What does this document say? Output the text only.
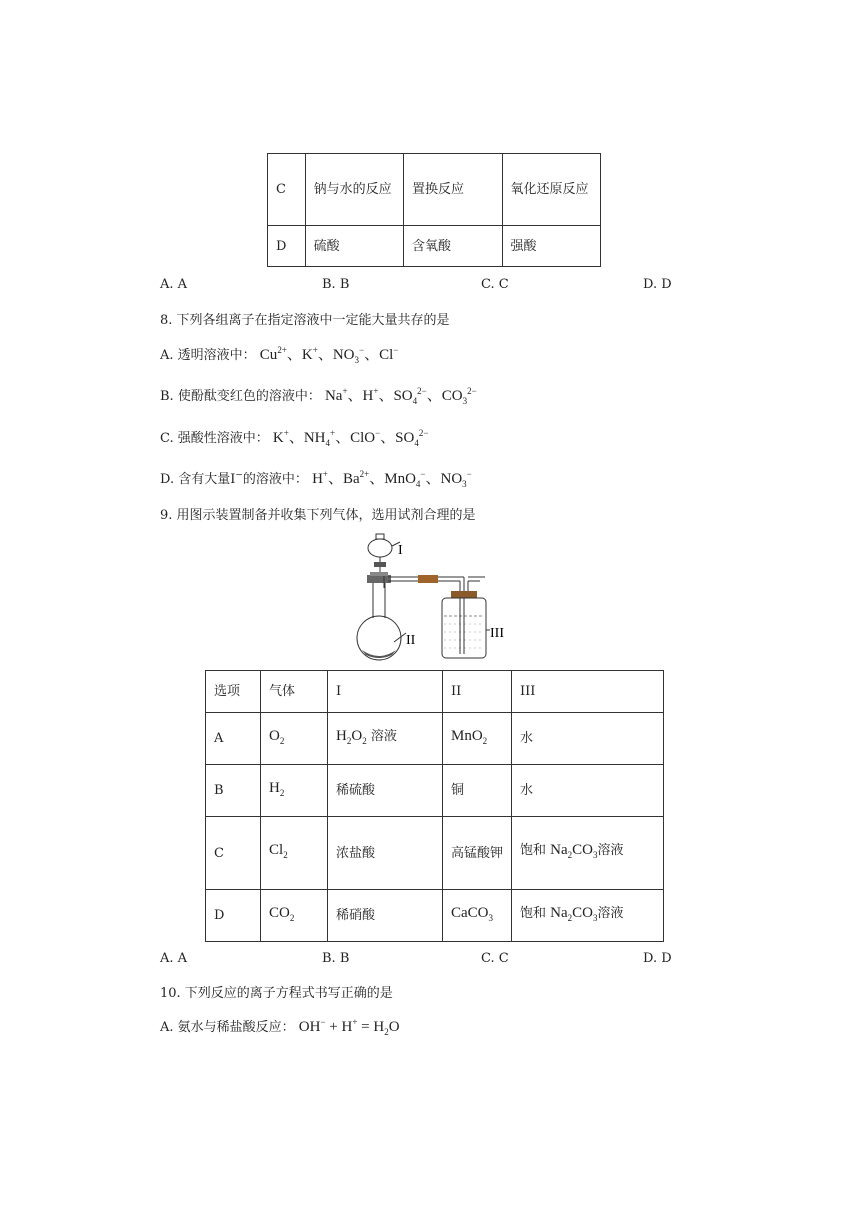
C	钠与水的反应	置换反应	氧化还原反应
D	硫酸	含氧酸	强酸
A. A	B. B	C. C	D. D
8. 下列各组离子在指定溶液中一定能大量共存的是
A. 透明溶液中： $Cu^{2+}$、K+、$NO_3^-$、Cl−
B. 使酚酞变红色的溶液中： Na+、H+、$SO_4^{2-}$、$CO_3^{2-}$
C. 强酸性溶液中： K+、$NH_4^+$、ClO−、$SO_4^{2-}$
D. 含有大量I−的溶液中： H+、$Ba^{2+}$、MnO$_4$−、$NO_3^-$
9. 用图示装置制备并收集下列气体，选用试剂合理的是
I
II	III
选项	气体	I	II	III
A	$O_2$	$H_2O_2$ 溶液	MnO$_2$	水
B	$H_2$	稀硫酸	铜	水
C	$Cl_2$	浓盐酸	高锰酸钾	饱和 $Na_2CO_3$溶液
D	$CO_2$	稀硝酸	CaCO$_3$	饱和 $Na_2CO_3$溶液
A. A	B. B	C. C	D. D
10. 下列反应的离子方程式书写正确的是
A. 氨水与稀盐酸反应： $OH^- + H^+ = H_2O$
